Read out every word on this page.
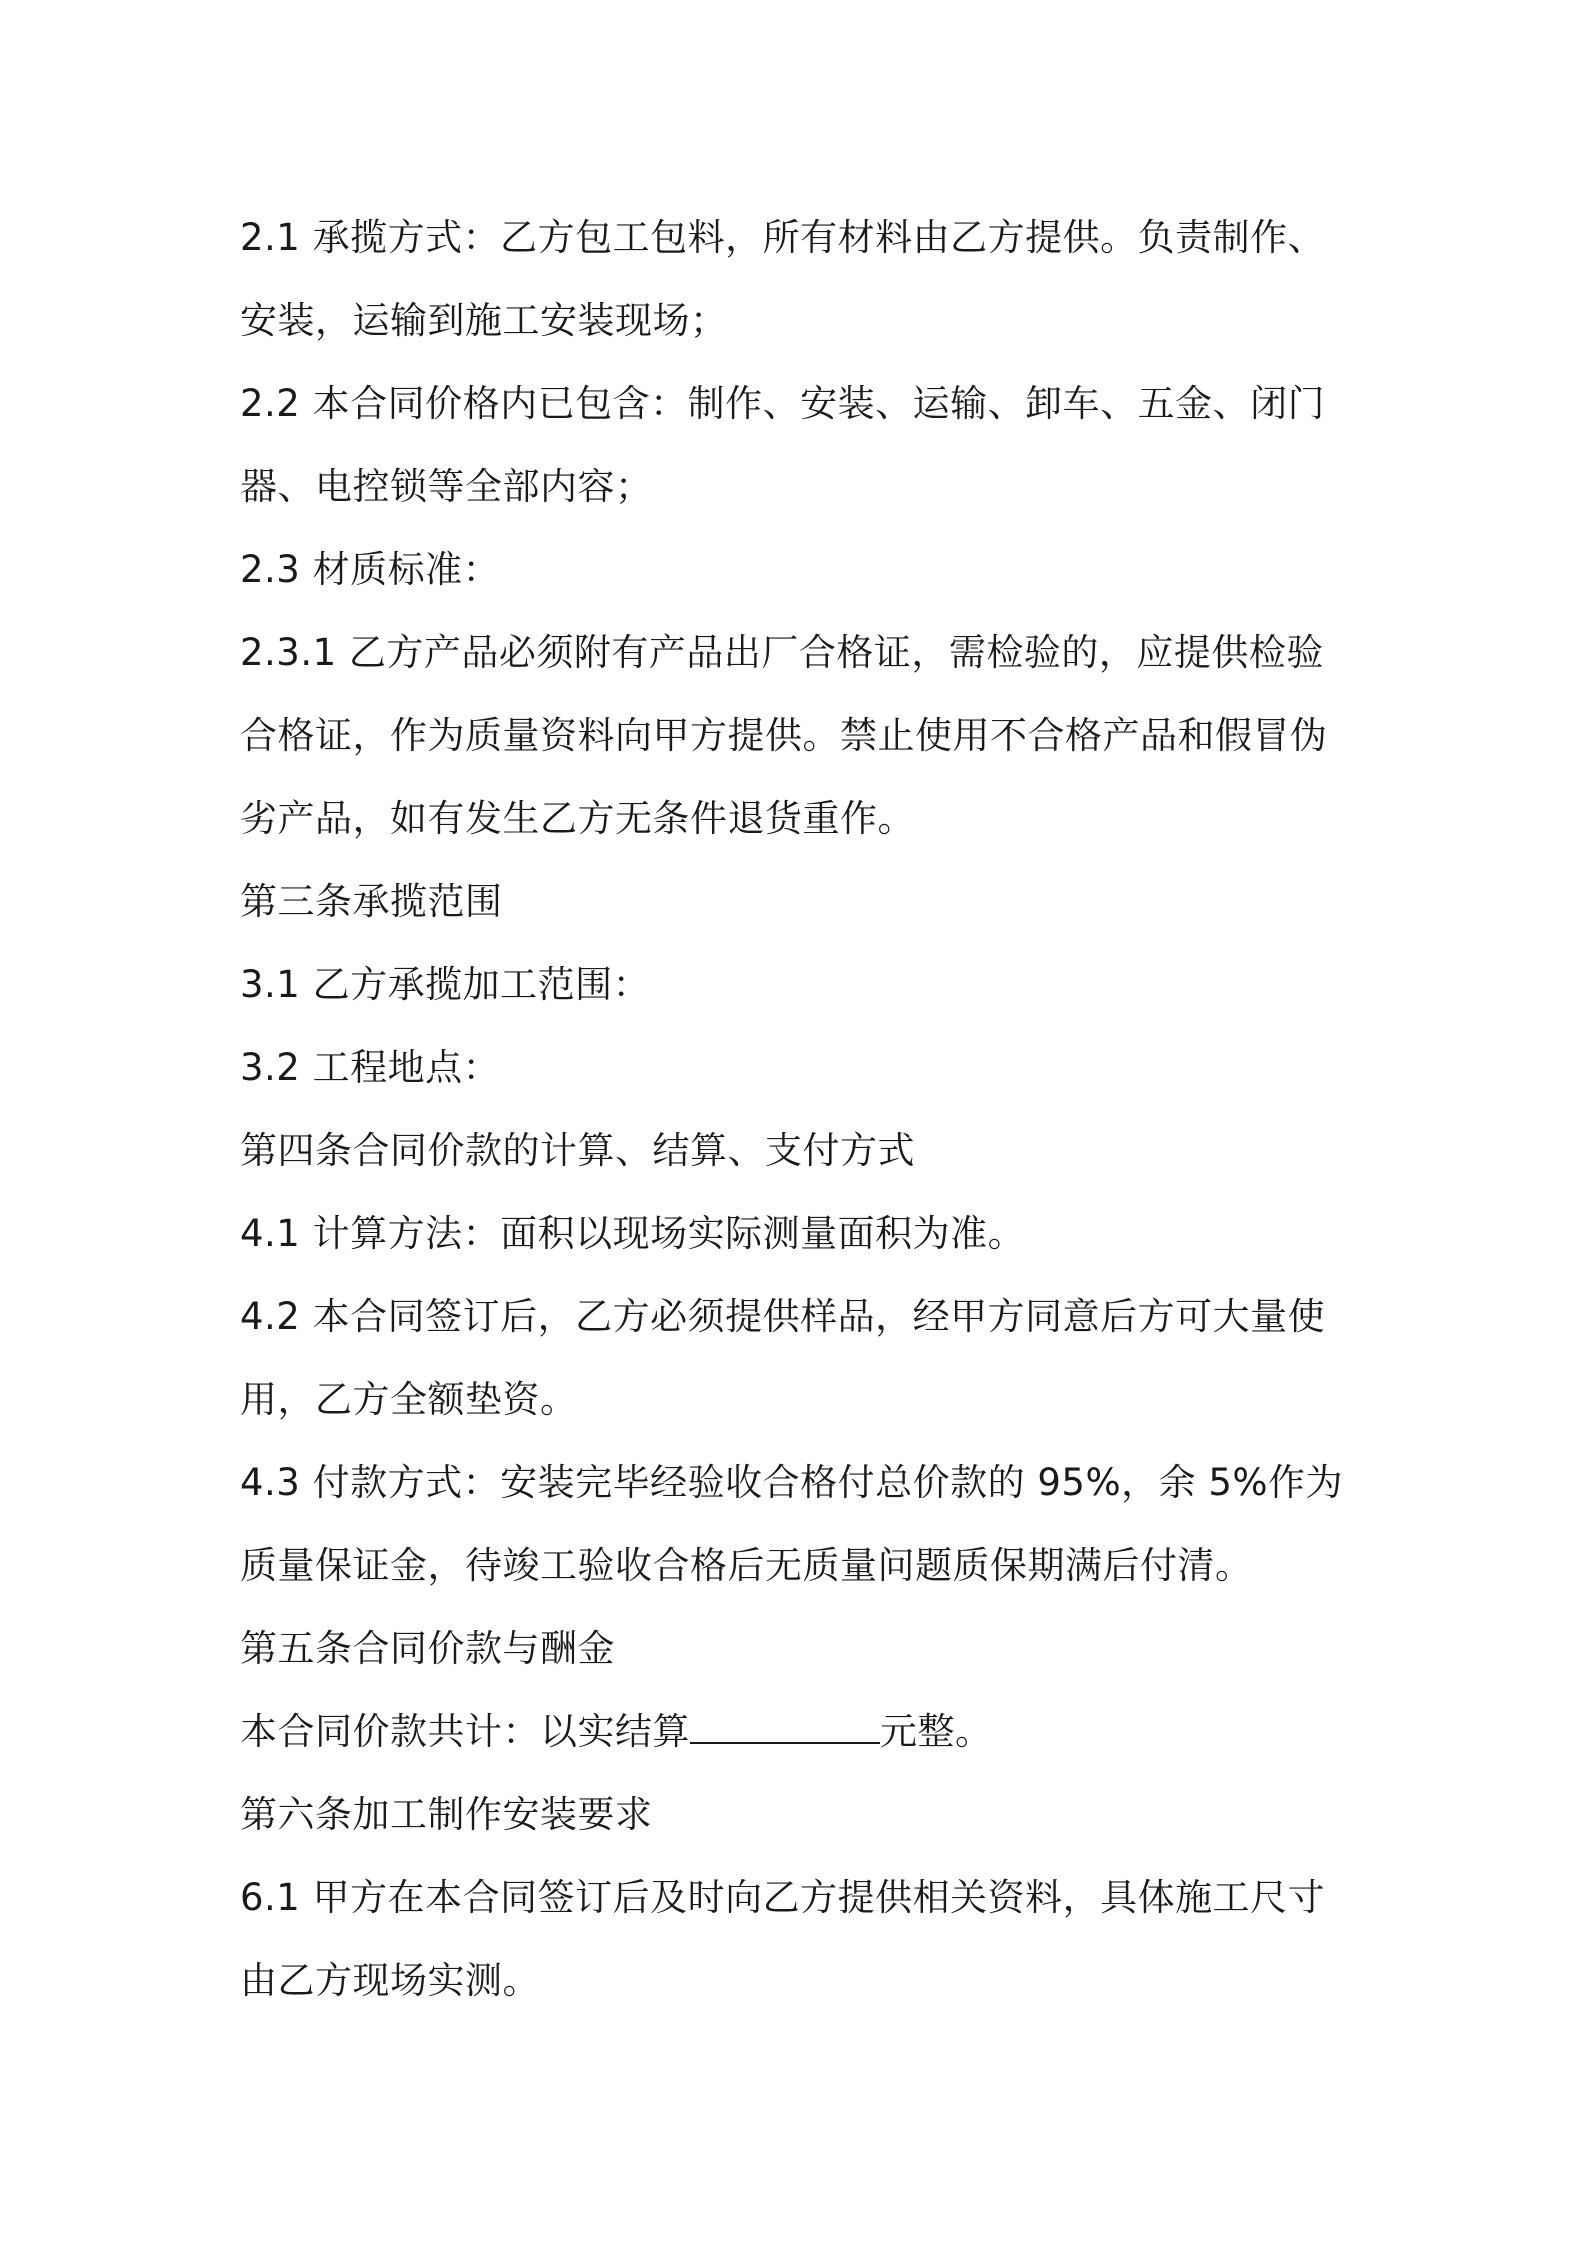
2.1 承揽方式：乙方包工包料，所有材料由乙方提供。负责制作、安装，运输到施工安装现场；

2.2 本合同价格内已包含：制作、安装、运输、卸车、五金、闭门器、电控锁等全部内容；

2.3 材质标准：

2.3.1 乙方产品必须附有产品出厂合格证，需检验的，应提供检验合格证，作为质量资料向甲方提供。禁止使用不合格产品和假冒伪劣产品，如有发生乙方无条件退货重作。

第三条承揽范围

3.1 乙方承揽加工范围：

3.2 工程地点：

第四条合同价款的计算、结算、支付方式

4.1 计算方法：面积以现场实际测量面积为准。

4.2 本合同签订后，乙方必须提供样品，经甲方同意后方可大量使用，乙方全额垫资。

4.3 付款方式：安装完毕经验收合格付总价款的 95%，余 5%作为质量保证金，待竣工验收合格后无质量问题质保期满后付清。

第五条合同价款与酬金

本合同价款共计：以实结算	元整。

第六条加工制作安装要求

6.1 甲方在本合同签订后及时向乙方提供相关资料，具体施工尺寸由乙方现场实测。
